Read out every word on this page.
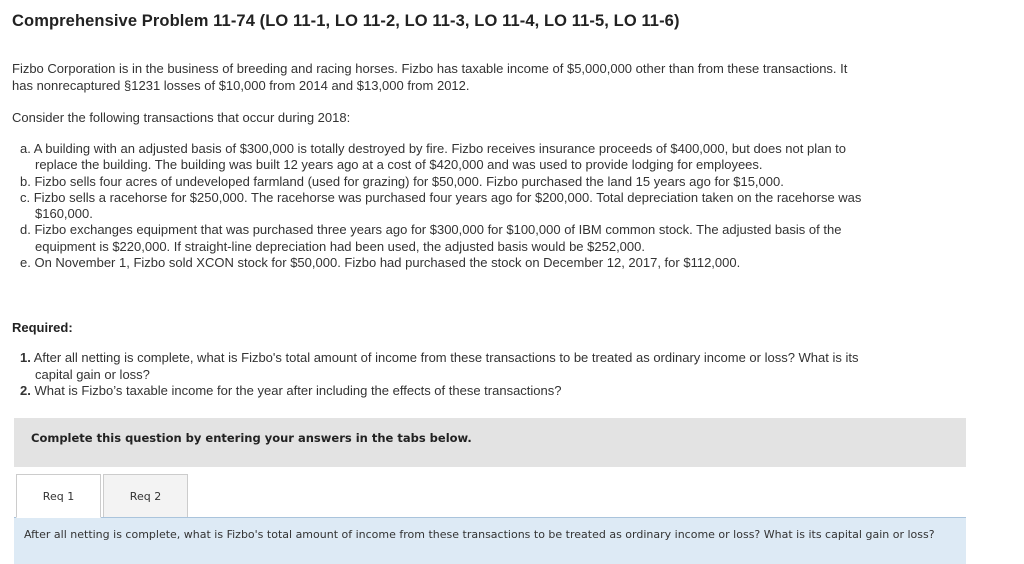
Comprehensive Problem 11-74 (LO 11-1, LO 11-2, LO 11-3, LO 11-4, LO 11-5, LO 11-6)

Fizbo Corporation is in the business of breeding and racing horses. Fizbo has taxable income of $5,000,000 other than from these transactions. It has nonrecaptured §1231 losses of $10,000 from 2014 and $13,000 from 2012.

Consider the following transactions that occur during 2018:

a. A building with an adjusted basis of $300,000 is totally destroyed by fire. Fizbo receives insurance proceeds of $400,000, but does not plan to replace the building. The building was built 12 years ago at a cost of $420,000 and was used to provide lodging for employees.
b. Fizbo sells four acres of undeveloped farmland (used for grazing) for $50,000. Fizbo purchased the land 15 years ago for $15,000.
c. Fizbo sells a racehorse for $250,000. The racehorse was purchased four years ago for $200,000. Total depreciation taken on the racehorse was $160,000.
d. Fizbo exchanges equipment that was purchased three years ago for $300,000 for $100,000 of IBM common stock. The adjusted basis of the equipment is $220,000. If straight-line depreciation had been used, the adjusted basis would be $252,000.
e. On November 1, Fizbo sold XCON stock for $50,000. Fizbo had purchased the stock on December 12, 2017, for $112,000.
Required:
1. After all netting is complete, what is Fizbo's total amount of income from these transactions to be treated as ordinary income or loss? What is its capital gain or loss?
2. What is Fizbo’s taxable income for the year after including the effects of these transactions?
Complete this question by entering your answers in the tabs below.
Req 1	Req 2
After all netting is complete, what is Fizbo's total amount of income from these transactions to be treated as ordinary income or loss? What is its capital gain or loss?
